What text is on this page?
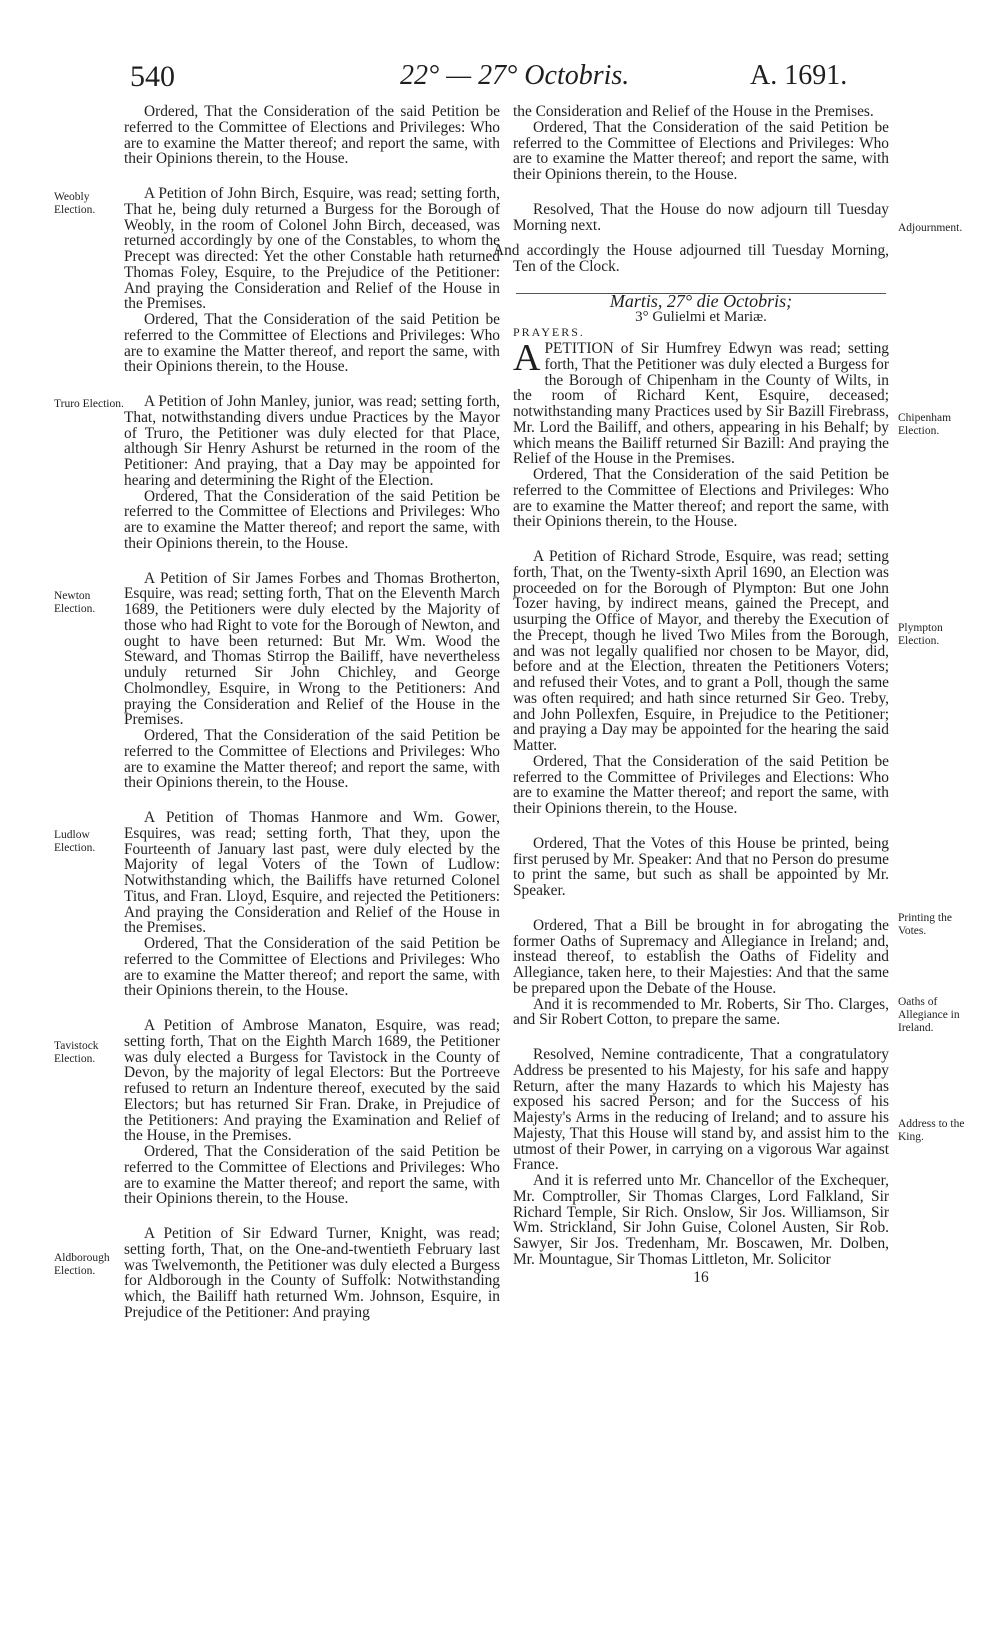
540	22° — 27° Octobris.	A. 1691.
Weobly Election.
Truro Election.
Newton Election.
Ludlow Election.
Tavistock Election.
Aldborough Election.

Ordered, That the Consideration of the said Petition be referred to the Committee of Elections and Privileges: Who are to examine the Matter thereof; and report the same, with their Opinions therein, to the House.

A Petition of John Birch, Esquire, was read; setting forth, That he, being duly returned a Burgess for the Borough of Weobly, in the room of Colonel John Birch, deceased, was returned accordingly by one of the Constables, to whom the Precept was directed: Yet the other Constable hath returned Thomas Foley, Esquire, to the Prejudice of the Petitioner: And praying the Consideration and Relief of the House in the Premises.

Ordered, That the Consideration of the said Petition be referred to the Committee of Elections and Privileges: Who are to examine the Matter thereof, and report the same, with their Opinions therein, to the House.

A Petition of John Manley, junior, was read; setting forth, That, notwithstanding divers undue Practices by the Mayor of Truro, the Petitioner was duly elected for that Place, although Sir Henry Ashurst be returned in the room of the Petitioner: And praying, that a Day may be appointed for hearing and determining the Right of the Election.

Ordered, That the Consideration of the said Petition be referred to the Committee of Elections and Privileges: Who are to examine the Matter thereof; and report the same, with their Opinions therein, to the House.

A Petition of Sir James Forbes and Thomas Brotherton, Esquire, was read; setting forth, That on the Eleventh March 1689, the Petitioners were duly elected by the Majority of those who had Right to vote for the Borough of Newton, and ought to have been returned: But Mr. Wm. Wood the Steward, and Thomas Stirrop the Bailiff, have nevertheless unduly returned Sir John Chichley, and George Cholmondley, Esquire, in Wrong to the Petitioners: And praying the Consideration and Relief of the House in the Premises.

Ordered, That the Consideration of the said Petition be referred to the Committee of Elections and Privileges: Who are to examine the Matter thereof; and report the same, with their Opinions therein, to the House.

A Petition of Thomas Hanmore and Wm. Gower, Esquires, was read; setting forth, That they, upon the Fourteenth of January last past, were duly elected by the Majority of legal Voters of the Town of Ludlow: Notwithstanding which, the Bailiffs have returned Colonel Titus, and Fran. Lloyd, Esquire, and rejected the Petitioners: And praying the Consideration and Relief of the House in the Premises.

Ordered, That the Consideration of the said Petition be referred to the Committee of Elections and Privileges: Who are to examine the Matter thereof; and report the same, with their Opinions therein, to the House.

A Petition of Ambrose Manaton, Esquire, was read; setting forth, That on the Eighth March 1689, the Petitioner was duly elected a Burgess for Tavistock in the County of Devon, by the majority of legal Electors: But the Portreeve refused to return an Indenture thereof, executed by the said Electors; but has returned Sir Fran. Drake, in Prejudice of the Petitioners: And praying the Examination and Relief of the House, in the Premises.

Ordered, That the Consideration of the said Petition be referred to the Committee of Elections and Privileges: Who are to examine the Matter thereof; and report the same, with their Opinions therein, to the House.

A Petition of Sir Edward Turner, Knight, was read; setting forth, That, on the One-and-twentieth February last was Twelvemonth, the Petitioner was duly elected a Burgess for Aldborough in the County of Suffolk: Notwithstanding which, the Bailiff hath returned Wm. Johnson, Esquire, in Prejudice of the Petitioner: And praying

Adjournment.
Chipenham Election.
Plympton Election.
Printing the Votes.
Oaths of Allegiance in Ireland.
Address to the King.

the Consideration and Relief of the House in the Premises.

Ordered, That the Consideration of the said Petition be referred to the Committee of Elections and Privileges: Who are to examine the Matter thereof; and report the same, with their Opinions therein, to the House.

Resolved, That the House do now adjourn till Tuesday Morning next.

And accordingly the House adjourned till Tuesday Morning, Ten of the Clock.

Martis, 27° die Octobris;

3° Gulielmi et Mariæ.

PRAYERS.

APETITION of Sir Humfrey Edwyn was read; setting forth, That the Petitioner was duly elected a Burgess for the Borough of Chipenham in the County of Wilts, in the room of Richard Kent, Esquire, deceased; notwithstanding many Practices used by Sir Bazill Firebrass, Mr. Lord the Bailiff, and others, appearing in his Behalf; by which means the Bailiff returned Sir Bazill: And praying the Relief of the House in the Premises.

Ordered, That the Consideration of the said Petition be referred to the Committee of Elections and Privileges: Who are to examine the Matter thereof; and report the same, with their Opinions therein, to the House.

A Petition of Richard Strode, Esquire, was read; setting forth, That, on the Twenty-sixth April 1690, an Election was proceeded on for the Borough of Plympton: But one John Tozer having, by indirect means, gained the Precept, and usurping the Office of Mayor, and thereby the Execution of the Precept, though he lived Two Miles from the Borough, and was not legally qualified nor chosen to be Mayor, did, before and at the Election, threaten the Petitioners Voters; and refused their Votes, and to grant a Poll, though the same was often required; and hath since returned Sir Geo. Treby, and John Pollexfen, Esquire, in Prejudice to the Petitioner; and praying a Day may be appointed for the hearing the said Matter.

Ordered, That the Consideration of the said Petition be referred to the Committee of Privileges and Elections: Who are to examine the Matter thereof; and report the same, with their Opinions therein, to the House.

Ordered, That the Votes of this House be printed, being first perused by Mr. Speaker: And that no Person do presume to print the same, but such as shall be appointed by Mr. Speaker.

Ordered, That a Bill be brought in for abrogating the former Oaths of Supremacy and Allegiance in Ireland; and, instead thereof, to establish the Oaths of Fidelity and Allegiance, taken here, to their Majesties: And that the same be prepared upon the Debate of the House.

And it is recommended to Mr. Roberts, Sir Tho. Clarges, and Sir Robert Cotton, to prepare the same.

Resolved, Nemine contradicente, That a congratulatory Address be presented to his Majesty, for his safe and happy Return, after the many Hazards to which his Majesty has exposed his sacred Person; and for the Success of his Majesty's Arms in the reducing of Ireland; and to assure his Majesty, That this House will stand by, and assist him to the utmost of their Power, in carrying on a vigorous War against France.

And it is referred unto Mr. Chancellor of the Exchequer, Mr. Comptroller, Sir Thomas Clarges, Lord Falkland, Sir Richard Temple, Sir Rich. Onslow, Sir Jos. Williamson, Sir Wm. Strickland, Sir John Guise, Colonel Austen, Sir Rob. Sawyer, Sir Jos. Tredenham, Mr. Boscawen, Mr. Dolben, Mr. Mountague, Sir Thomas Littleton, Mr. Solicitor

16
